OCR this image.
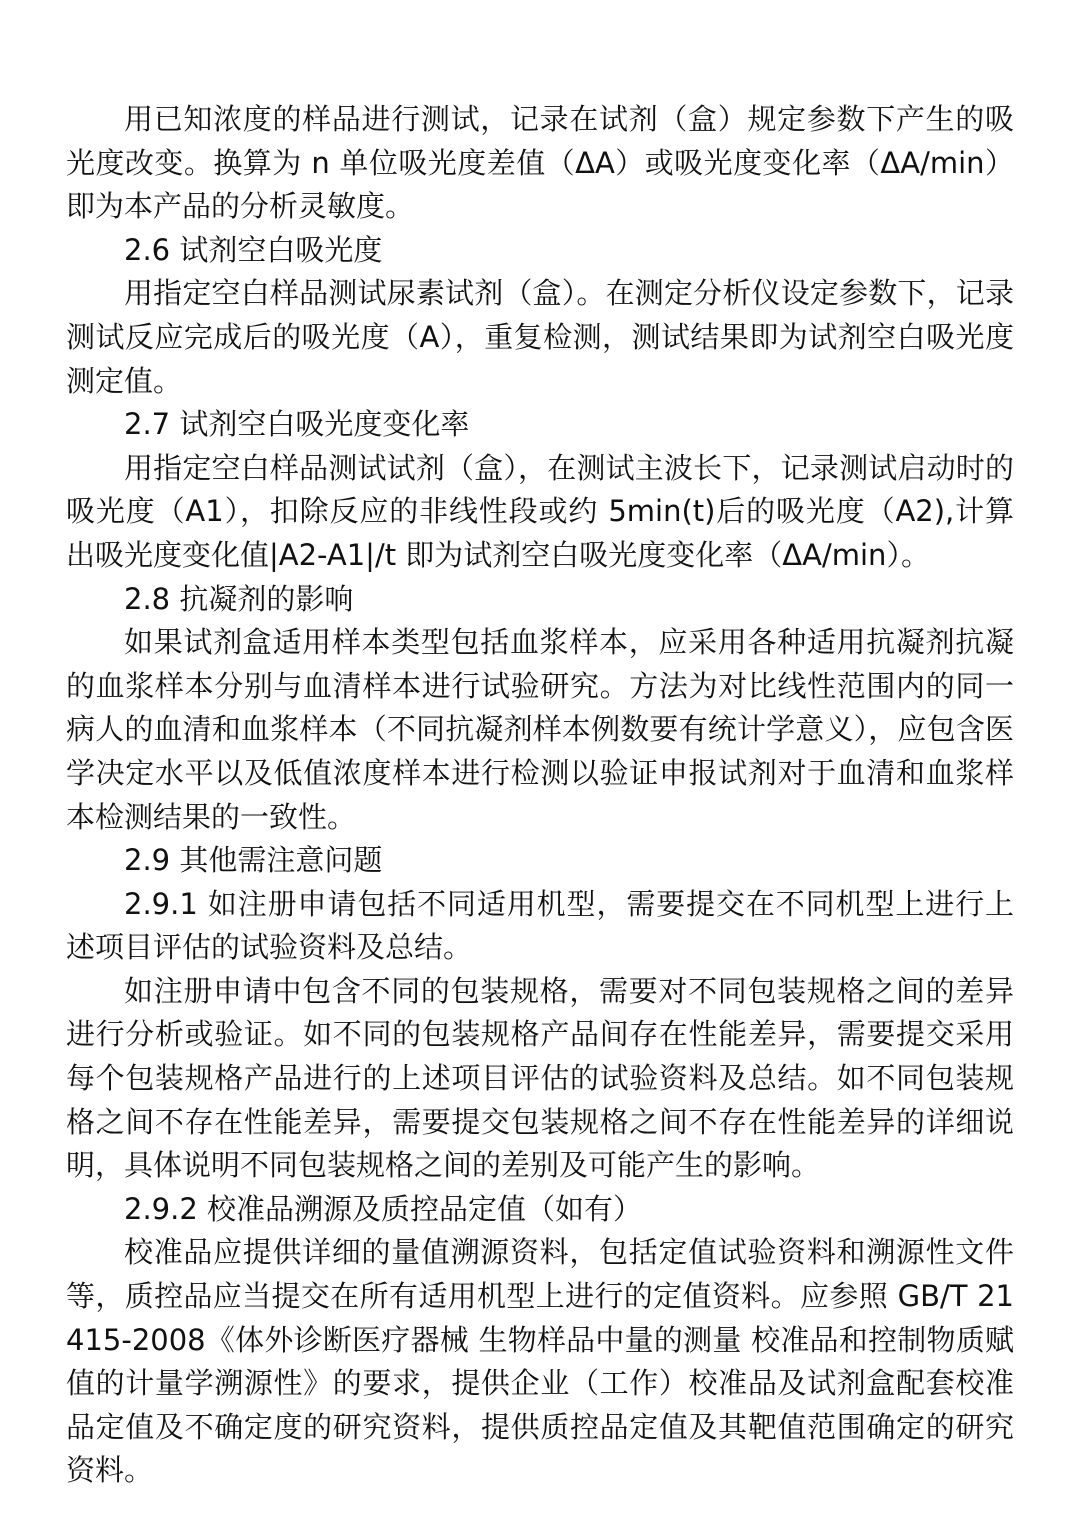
用已知浓度的样品进行测试，记录在试剂（盒）规定参数下产生的吸光度改变。换算为 n 单位吸光度差值（ΔA）或吸光度变化率（ΔA/min）即为本产品的分析灵敏度。

2.6 试剂空白吸光度

用指定空白样品测试尿素试剂（盒）。在测定分析仪设定参数下，记录测试反应完成后的吸光度（A），重复检测，测试结果即为试剂空白吸光度测定值。

2.7 试剂空白吸光度变化率

用指定空白样品测试试剂（盒），在测试主波长下，记录测试启动时的吸光度（A1），扣除反应的非线性段或约 5min(t)后的吸光度（A2),计算出吸光度变化值|A2-A1|/t 即为试剂空白吸光度变化率（ΔA/min）。

2.8 抗凝剂的影响

如果试剂盒适用样本类型包括血浆样本，应采用各种适用抗凝剂抗凝的血浆样本分别与血清样本进行试验研究。方法为对比线性范围内的同一病人的血清和血浆样本（不同抗凝剂样本例数要有统计学意义），应包含医学决定水平以及低值浓度样本进行检测以验证申报试剂对于血清和血浆样本检测结果的一致性。

2.9 其他需注意问题

2.9.1 如注册申请包括不同适用机型，需要提交在不同机型上进行上述项目评估的试验资料及总结。

如注册申请中包含不同的包装规格，需要对不同包装规格之间的差异进行分析或验证。如不同的包装规格产品间存在性能差异，需要提交采用每个包装规格产品进行的上述项目评估的试验资料及总结。如不同包装规格之间不存在性能差异，需要提交包装规格之间不存在性能差异的详细说明，具体说明不同包装规格之间的差别及可能产生的影响。

2.9.2 校准品溯源及质控品定值（如有）

校准品应提供详细的量值溯源资料，包括定值试验资料和溯源性文件等，质控品应当提交在所有适用机型上进行的定值资料。应参照 GB/T 21415-2008《体外诊断医疗器械 生物样品中量的测量 校准品和控制物质赋值的计量学溯源性》的要求，提供企业（工作）校准品及试剂盒配套校准品定值及不确定度的研究资料，提供质控品定值及其靶值范围确定的研究资料。
